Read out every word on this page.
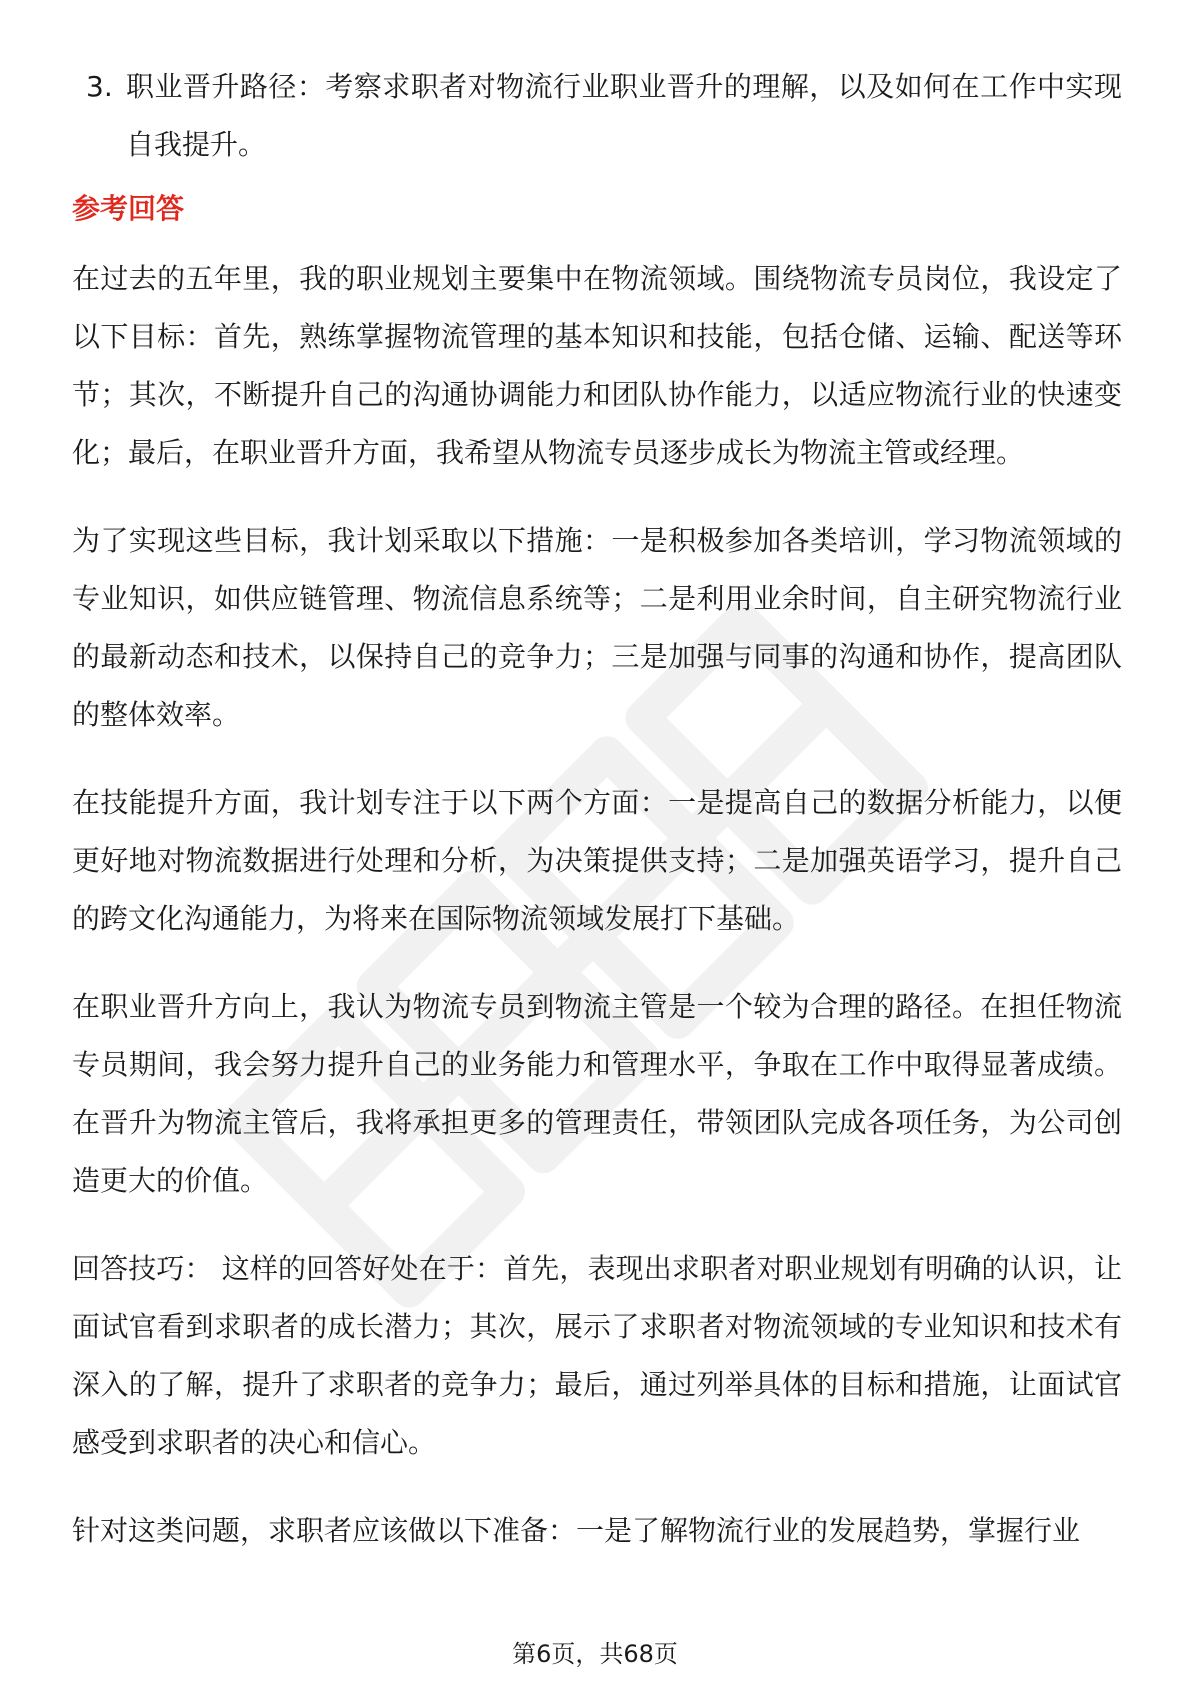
3. 职业晋升路径：考察求职者对物流行业职业晋升的理解，以及如何在工作中实现自我提升。
参考回答

在过去的五年里，我的职业规划主要集中在物流领域。围绕物流专员岗位，我设定了以下目标：首先，熟练掌握物流管理的基本知识和技能，包括仓储、运输、配送等环节；其次，不断提升自己的沟通协调能力和团队协作能力，以适应物流行业的快速变化；最后，在职业晋升方面，我希望从物流专员逐步成长为物流主管或经理。

为了实现这些目标，我计划采取以下措施：一是积极参加各类培训，学习物流领域的专业知识，如供应链管理、物流信息系统等；二是利用业余时间，自主研究物流行业的最新动态和技术，以保持自己的竞争力；三是加强与同事的沟通和协作，提高团队的整体效率。

在技能提升方面，我计划专注于以下两个方面：一是提高自己的数据分析能力，以便更好地对物流数据进行处理和分析，为决策提供支持；二是加强英语学习，提升自己的跨文化沟通能力，为将来在国际物流领域发展打下基础。

在职业晋升方向上，我认为物流专员到物流主管是一个较为合理的路径。在担任物流专员期间，我会努力提升自己的业务能力和管理水平，争取在工作中取得显著成绩。在晋升为物流主管后，我将承担更多的管理责任，带领团队完成各项任务，为公司创造更大的价值。

回答技巧： 这样的回答好处在于：首先，表现出求职者对职业规划有明确的认识，让面试官看到求职者的成长潜力；其次，展示了求职者对物流领域的专业知识和技术有深入的了解，提升了求职者的竞争力；最后，通过列举具体的目标和措施，让面试官感受到求职者的决心和信心。

针对这类问题，求职者应该做以下准备：一是了解物流行业的发展趋势，掌握行业

第6页，共68页
